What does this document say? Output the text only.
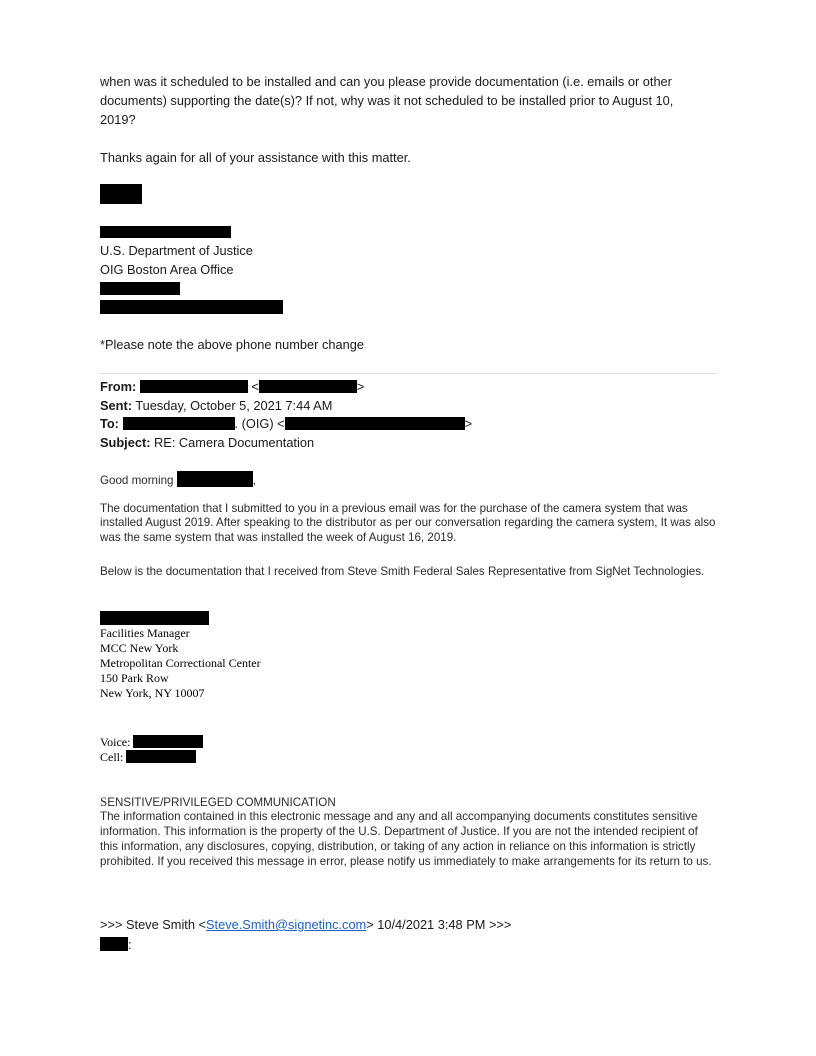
when was it scheduled to be installed and can you please provide documentation (i.e. emails or other
documents) supporting the date(s)? If not, why was it not scheduled to be installed prior to August 10,
2019?
Thanks again for all of your assistance with this matter.
U.S. Department of Justice
OIG Boston Area Office
*Please note the above phone number change
From:	<	>
Sent: Tuesday, October 5, 2021 7:44 AM
To:	. (OIG) <	>
Subject: RE: Camera Documentation
Good morning	,
The documentation that I submitted to you in a previous email was for the purchase of the camera system that was
installed August 2019. After speaking to the distributor as per our conversation regarding the camera system, It was also
was the same system that was installed the week of August 16, 2019.
Below is the documentation that I received from Steve Smith Federal Sales Representative from SigNet Technologies.
Facilities Manager
MCC New York
Metropolitan Correctional Center
150 Park Row
New York, NY 10007
Voice:
Cell:
SENSITIVE/PRIVILEGED COMMUNICATION
The information contained in this electronic message and any and all accompanying documents constitutes sensitive
information. This information is the property of the U.S. Department of Justice. If you are not the intended recipient of
this information, any disclosures, copying, distribution, or taking of any action in reliance on this information is strictly
prohibited. If you received this message in error, please notify us immediately to make arrangements for its return to us.
>>> Steve Smith <Steve.Smith@signetinc.com> 10/4/2021 3:48 PM >>>
:
